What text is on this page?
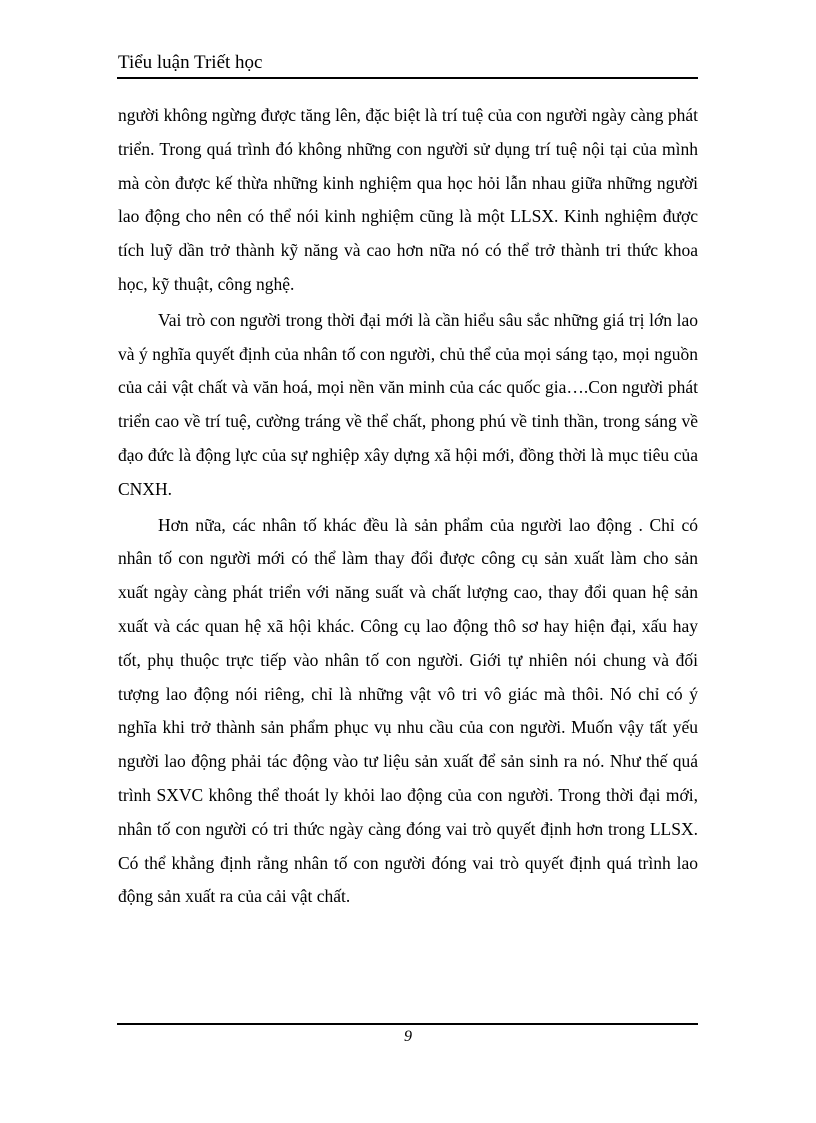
Tiểu luận Triết học

người không ngừng được tăng lên, đặc biệt là trí tuệ của con người ngày càng phát triển. Trong quá trình đó không những con người sử dụng trí tuệ nội tại của mình mà còn được kế thừa những kinh nghiệm qua học hỏi lẫn nhau giữa những người lao động cho nên có thể nói kinh nghiệm cũng là một LLSX. Kinh nghiệm được tích luỹ dần trở thành kỹ năng và cao hơn nữa nó có thể trở thành tri thức khoa học, kỹ thuật, công nghệ.

Vai trò con người trong thời đại mới là cần hiểu sâu sắc những giá trị lớn lao và ý nghĩa quyết định của nhân tố con người, chủ thể của mọi sáng tạo, mọi nguồn của cải vật chất và văn hoá, mọi nền văn minh của các quốc gia….Con người phát triển cao về trí tuệ, cường tráng về thể chất, phong phú về tinh thần, trong sáng về đạo đức là động lực của sự nghiệp xây dựng xã hội mới, đồng thời là mục tiêu của CNXH.

Hơn nữa, các nhân tố khác đều là sản phẩm của người lao động . Chỉ có nhân tố con người mới có thể làm thay đổi được công cụ sản xuất làm cho sản xuất ngày càng phát triển với năng suất và chất lượng cao, thay đổi quan hệ sản xuất và các quan hệ xã hội khác. Công cụ lao động thô sơ hay hiện đại, xấu hay tốt, phụ thuộc trực tiếp vào nhân tố con người. Giới tự nhiên nói chung và đối tượng lao động nói riêng, chỉ là những vật vô tri vô giác mà thôi. Nó chỉ có ý nghĩa khi trở thành sản phẩm phục vụ nhu cầu của con người. Muốn vậy tất yếu người lao động phải tác động vào tư liệu sản xuất để sản sinh ra nó. Như thế quá trình SXVC không thể thoát ly khỏi lao động của con người. Trong thời đại mới, nhân tố con người có tri thức ngày càng đóng vai trò quyết định hơn trong LLSX. Có thể khẳng định rằng nhân tố con người đóng vai trò quyết định quá trình lao động sản xuất ra của cải vật chất.

9
